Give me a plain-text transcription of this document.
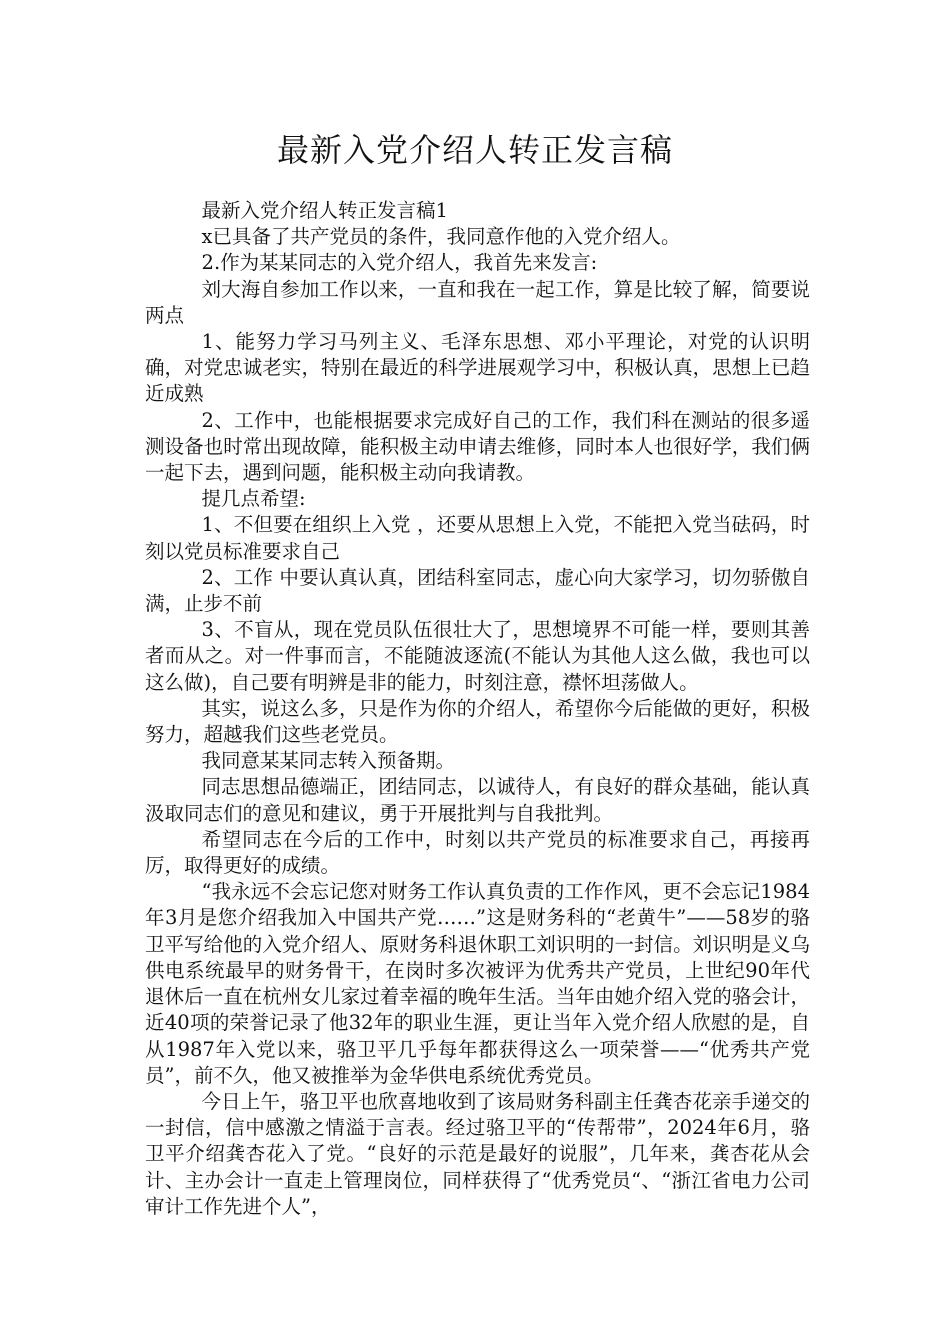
最新入党介绍人转正发言稿

最新入党介绍人转正发言稿1

x已具备了共产党员的条件，我同意作他的入党介绍人。

2.作为某某同志的入党介绍人，我首先来发言:

刘大海自参加工作以来，一直和我在一起工作，算是比较了解，简要说两点

1、能努力学习马列主义、毛泽东思想、邓小平理论，对党的认识明确，对党忠诚老实，特别在最近的科学进展观学习中，积极认真，思想上已趋近成熟

2、工作中，也能根据要求完成好自己的工作，我们科在测站的很多遥测设备也时常出现故障，能积极主动申请去维修，同时本人也很好学，我们俩一起下去，遇到问题，能积极主动向我请教。

提几点希望:

1、不但要在组织上入党 ，还要从思想上入党，不能把入党当砝码，时刻以党员标准要求自己

2、工作 中要认真认真，团结科室同志，虚心向大家学习，切勿骄傲自满，止步不前

3、不盲从，现在党员队伍很壮大了，思想境界不可能一样，要则其善者而从之。对一件事而言，不能随波逐流(不能认为其他人这么做，我也可以这么做)，自己要有明辨是非的能力，时刻注意，襟怀坦荡做人。

其实，说这么多，只是作为你的介绍人，希望你今后能做的更好，积极努力，超越我们这些老党员。

我同意某某同志转入预备期。

同志思想品德端正，团结同志，以诚待人，有良好的群众基础，能认真汲取同志们的意见和建议，勇于开展批判与自我批判。

希望同志在今后的工作中，时刻以共产党员的标准要求自己，再接再厉，取得更好的成绩。

“我永远不会忘记您对财务工作认真负责的工作作风，更不会忘记1984年3月是您介绍我加入中国共产党……”这是财务科的“老黄牛”——58岁的骆卫平写给他的入党介绍人、原财务科退休职工刘识明的一封信。刘识明是义乌供电系统最早的财务骨干，在岗时多次被评为优秀共产党员，上世纪90年代退休后一直在杭州女儿家过着幸福的晚年生活。当年由她介绍入党的骆会计，近40项的荣誉记录了他32年的职业生涯，更让当年入党介绍人欣慰的是，自从1987年入党以来，骆卫平几乎每年都获得这么一项荣誉——“优秀共产党员”，前不久，他又被推举为金华供电系统优秀党员。

今日上午，骆卫平也欣喜地收到了该局财务科副主任龚杏花亲手递交的一封信，信中感激之情溢于言表。经过骆卫平的“传帮带”，2024年6月，骆卫平介绍龚杏花入了党。“良好的示范是最好的说服”，几年来，龚杏花从会计、主办会计一直走上管理岗位，同样获得了“优秀党员“、“浙江省电力公司审计工作先进个人”，
